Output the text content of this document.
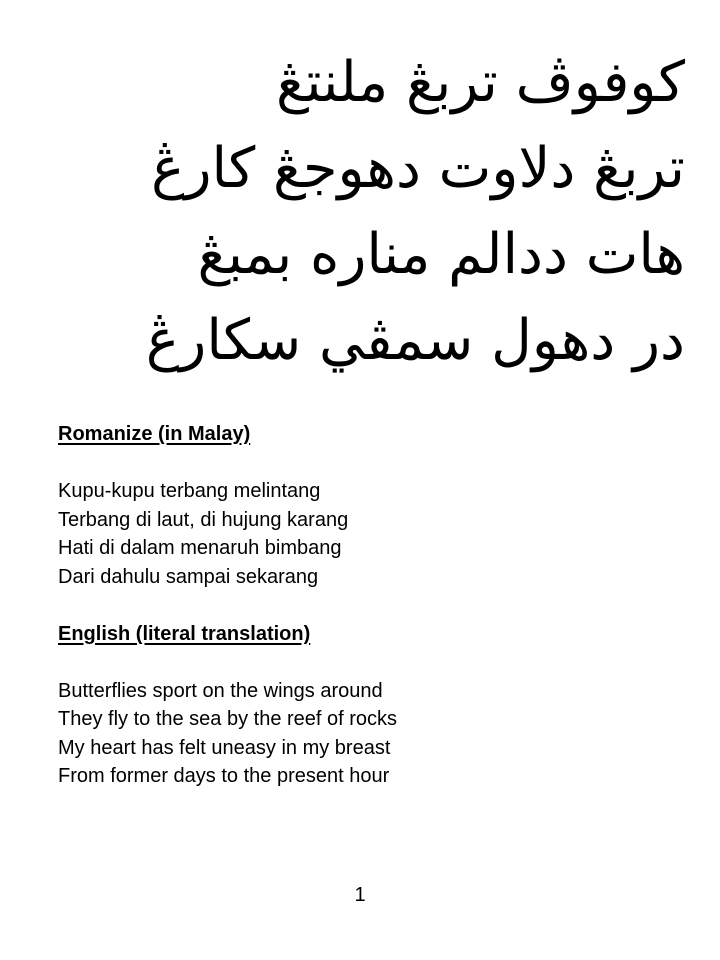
كوفوڤ تربڠ ملنتڠ
تربڠ دلاوت دهوجڠ كارڠ
هات ددالم مناره بمبڠ
در دهول سمڤي سكارڠ

Romanize (in Malay)

Kupu-kupu terbang melintang

Terbang di laut, di hujung karang

Hati di dalam menaruh bimbang

Dari dahulu sampai sekarang

English (literal translation)

Butterflies sport on the wings around

They fly to the sea by the reef of rocks

My heart has felt uneasy in my breast

From former days to the present hour

1
